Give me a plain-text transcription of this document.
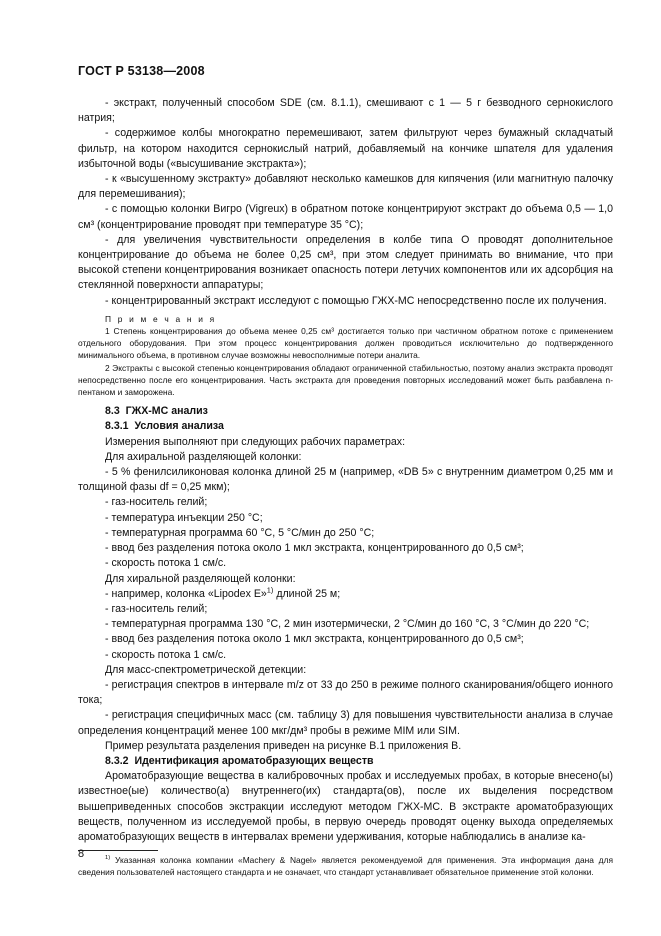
ГОСТ Р 53138—2008

- экстракт, полученный способом SDE (см. 8.1.1), смешивают с 1 — 5 г безводного сернокислого натрия;

- содержимое колбы многократно перемешивают, затем фильтруют через бумажный складчатый фильтр, на котором находится сернокислый натрий, добавляемый на кончике шпателя для удаления избыточной воды («высушивание экстракта»);

- к «высушенному экстракту» добавляют несколько камешков для кипячения (или магнитную палочку для перемешивания);

- с помощью колонки Вигро (Vigreux) в обратном потоке концентрируют экстракт до объема 0,5 — 1,0 см³ (концентрирование проводят при температуре 35 °С);

- для увеличения чувствительности определения в колбе типа О проводят дополнительное концентрирование до объема не более 0,25 см³, при этом следует принимать во внимание, что при высокой степени концентрирования возникает опасность потери летучих компонентов или их адсорбция на стеклянной поверхности аппаратуры;

- концентрированный экстракт исследуют с помощью ГЖХ-МС непосредственно после их получения.

П р и м е ч а н и я

1 Степень концентрирования до объема менее 0,25 см³ достигается только при частичном обратном потоке с применением отдельного оборудования. При этом процесс концентрирования должен проводиться исключительно до подтвержденного минимального объема, в противном случае возможны невосполнимые потери аналита.

2 Экстракты с высокой степенью концентрирования обладают ограниченной стабильностью, поэтому анализ экстракта проводят непосредственно после его концентрирования. Часть экстракта для проведения повторных исследований может быть разбавлена n-пентаном и заморожена.

8.3 ГЖХ-МС анализ

8.3.1 Условия анализа

Измерения выполняют при следующих рабочих параметрах:

Для ахиральной разделяющей колонки:

- 5 % фенилсиликоновая колонка длиной 25 м (например, «DB 5» с внутренним диаметром 0,25 мм и толщиной фазы df = 0,25 мкм);

- газ-носитель гелий;

- температура инъекции 250 °С;

- температурная программа 60 °С, 5 °С/мин до 250 °С;

- ввод без разделения потока около 1 мкл экстракта, концентрированного до 0,5 см³;

- скорость потока 1 см/с.

Для хиральной разделяющей колонки:

- например, колонка «Lipodex E»$^{1)}$ длиной 25 м;

- газ-носитель гелий;

- температурная программа 130 °С, 2 мин изотермически, 2 °С/мин до 160 °С, 3 °С/мин до 220 °С;

- ввод без разделения потока около 1 мкл экстракта, концентрированного до 0,5 см³;

- скорость потока 1 см/с.

Для масс-спектрометрической детекции:

- регистрация спектров в интервале m/z от 33 до 250 в режиме полного сканирования/общего ионного тока;

- регистрация специфичных масс (см. таблицу 3) для повышения чувствительности анализа в случае определения концентраций менее 100 мкг/дм³ пробы в режиме MIM или SIM.

Пример результата разделения приведен на рисунке В.1 приложения В.

8.3.2 Идентификация ароматобразующих веществ

Ароматобразующие вещества в калибровочных пробах и исследуемых пробах, в которые внесено(ы) известное(ые) количество(а) внутреннего(их) стандарта(ов), после их выделения посредством вышеприведенных способов экстракции исследуют методом ГЖХ-МС. В экстракте ароматобразующих веществ, полученном из исследуемой пробы, в первую очередь проводят оценку выхода определяемых ароматобразующих веществ в интервалах времени удерживания, которые наблюдались в анализе ка-

$^{1)}$ Указанная колонка компании «Machery & Nagel» является рекомендуемой для применения. Эта информация дана для сведения пользователей настоящего стандарта и не означает, что стандарт устанавливает обязательное применение этой колонки.

8
